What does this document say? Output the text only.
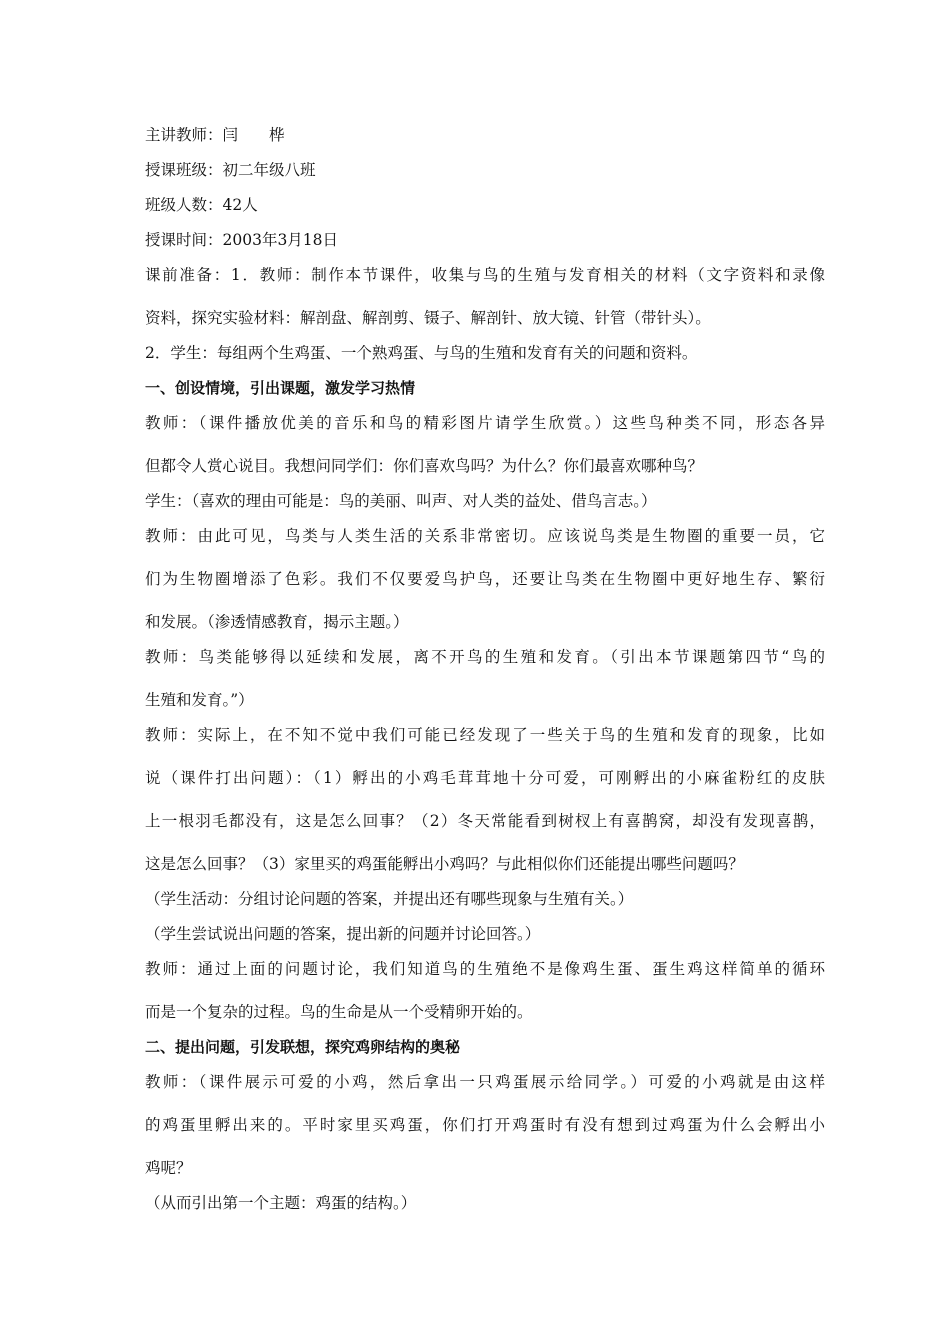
主讲教师：闫　　桦

授课班级：初二年级八班

班级人数：42人

授课时间：2003年3月18日

课前准备：1．教师：制作本节课件，收集与鸟的生殖与发育相关的材料（文字资料和录像

资料，探究实验材料：解剖盘、解剖剪、镊子、解剖针、放大镜、针管（带针头）。

2．学生：每组两个生鸡蛋、一个熟鸡蛋、与鸟的生殖和发育有关的问题和资料。

一、创设情境，引出课题，激发学习热情

教师：（课件播放优美的音乐和鸟的精彩图片请学生欣赏。）这些鸟种类不同，形态各异

但都令人赏心说目。我想问同学们：你们喜欢鸟吗？为什么？你们最喜欢哪种鸟？

学生：（喜欢的理由可能是：鸟的美丽、叫声、对人类的益处、借鸟言志。）

教师：由此可见，鸟类与人类生活的关系非常密切。应该说鸟类是生物圈的重要一员，它

们为生物圈增添了色彩。我们不仅要爱鸟护鸟，还要让鸟类在生物圈中更好地生存、繁衍

和发展。（渗透情感教育，揭示主题。）

教师：鸟类能够得以延续和发展，离不开鸟的生殖和发育。（引出本节课题第四节“鸟的

生殖和发育。”）

教师：实际上，在不知不觉中我们可能已经发现了一些关于鸟的生殖和发育的现象，比如

说（课件打出问题）：（1）孵出的小鸡毛茸茸地十分可爱，可刚孵出的小麻雀粉红的皮肤

上一根羽毛都没有，这是怎么回事？（2）冬天常能看到树杈上有喜鹊窝，却没有发现喜鹊，

这是怎么回事？（3）家里买的鸡蛋能孵出小鸡吗？与此相似你们还能提出哪些问题吗？

（学生活动：分组讨论问题的答案，并提出还有哪些现象与生殖有关。）

（学生尝试说出问题的答案，提出新的问题并讨论回答。）

教师：通过上面的问题讨论，我们知道鸟的生殖绝不是像鸡生蛋、蛋生鸡这样简单的循环

而是一个复杂的过程。鸟的生命是从一个受精卵开始的。

二、提出问题，引发联想，探究鸡卵结构的奥秘

教师：（课件展示可爱的小鸡，然后拿出一只鸡蛋展示给同学。）可爱的小鸡就是由这样

的鸡蛋里孵出来的。平时家里买鸡蛋，你们打开鸡蛋时有没有想到过鸡蛋为什么会孵出小

鸡呢？

（从而引出第一个主题：鸡蛋的结构。）
